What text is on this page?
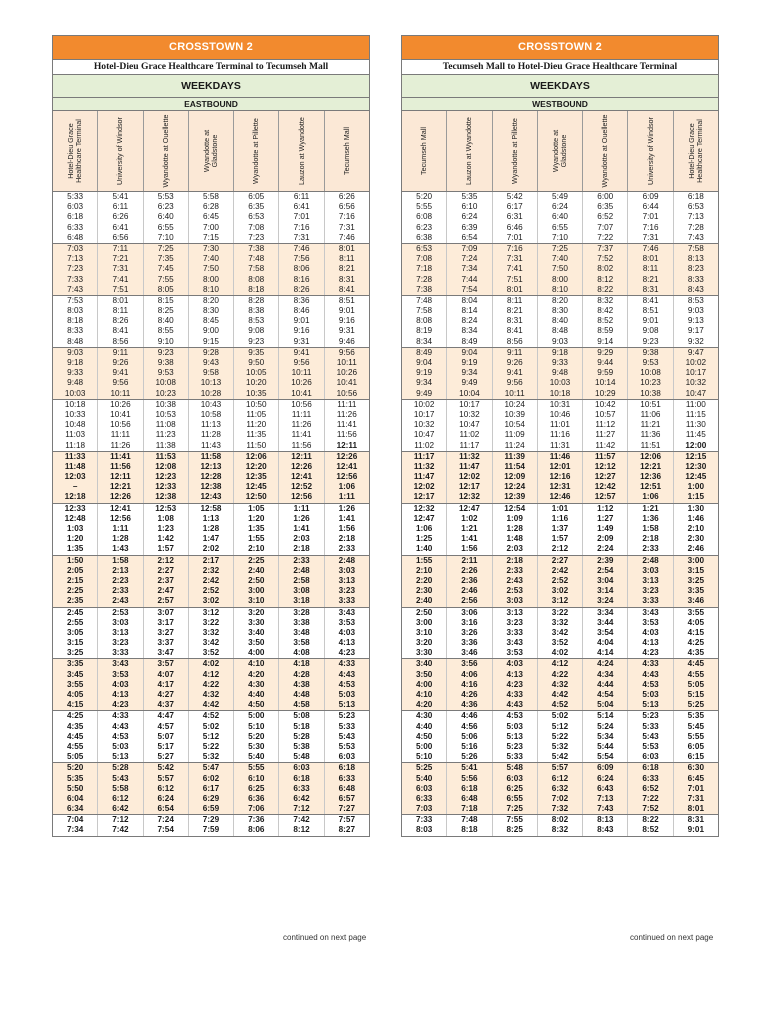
CROSSTOWN 2
Hotel-Dieu Grace Healthcare Terminal to Tecumseh Mall
WEEKDAYS
EASTBOUND
Hotel-Dieu Grace Healthcare Terminal	University of Windsor	Wyandotte at Ouellette	Wyandotte at Gladstone	Wyandotte at Pillette	Lauzon at Wyandotte	Tecumseh Mall
5:33	5:41	5:53	5:58	6:05	6:11	6:26
6:03	6:11	6:23	6:28	6:35	6:41	6:56
6:18	6:26	6:40	6:45	6:53	7:01	7:16
6:33	6:41	6:55	7:00	7:08	7:16	7:31
6:48	6:56	7:10	7:15	7:23	7:31	7:46
7:03	7:11	7:25	7:30	7:38	7:46	8:01
7:13	7:21	7:35	7:40	7:48	7:56	8:11
7:23	7:31	7:45	7:50	7:58	8:06	8:21
7:33	7:41	7:55	8:00	8:08	8:16	8:31
7:43	7:51	8:05	8:10	8:18	8:26	8:41
7:53	8:01	8:15	8:20	8:28	8:36	8:51
8:03	8:11	8:25	8:30	8:38	8:46	9:01
8:18	8:26	8:40	8:45	8:53	9:01	9:16
8:33	8:41	8:55	9:00	9:08	9:16	9:31
8:48	8:56	9:10	9:15	9:23	9:31	9:46
9:03	9:11	9:23	9:28	9:35	9:41	9:56
9:18	9:26	9:38	9:43	9:50	9:56	10:11
9:33	9:41	9:53	9:58	10:05	10:11	10:26
9:48	9:56	10:08	10:13	10:20	10:26	10:41
10:03	10:11	10:23	10:28	10:35	10:41	10:56
10:18	10:26	10:38	10:43	10:50	10:56	11:11
10:33	10:41	10:53	10:58	11:05	11:11	11:26
10:48	10:56	11:08	11:13	11:20	11:26	11:41
11:03	11:11	11:23	11:28	11:35	11:41	11:56
11:18	11:26	11:38	11:43	11:50	11:56	12:11
11:33	11:41	11:53	11:58	12:06	12:11	12:26
11:48	11:56	12:08	12:13	12:20	12:26	12:41
12:03	12:11	12:23	12:28	12:35	12:41	12:56
–	12:21	12:33	12:38	12:45	12:52	1:06
12:18	12:26	12:38	12:43	12:50	12:56	1:11
12:33	12:41	12:53	12:58	1:05	1:11	1:26
12:48	12:56	1:08	1:13	1:20	1:26	1:41
1:03	1:11	1:23	1:28	1:35	1:41	1:56
1:20	1:28	1:42	1:47	1:55	2:03	2:18
1:35	1:43	1:57	2:02	2:10	2:18	2:33
1:50	1:58	2:12	2:17	2:25	2:33	2:48
2:05	2:13	2:27	2:32	2:40	2:48	3:03
2:15	2:23	2:37	2:42	2:50	2:58	3:13
2:25	2:33	2:47	2:52	3:00	3:08	3:23
2:35	2:43	2:57	3:02	3:10	3:18	3:33
2:45	2:53	3:07	3:12	3:20	3:28	3:43
2:55	3:03	3:17	3:22	3:30	3:38	3:53
3:05	3:13	3:27	3:32	3:40	3:48	4:03
3:15	3:23	3:37	3:42	3:50	3:58	4:13
3:25	3:33	3:47	3:52	4:00	4:08	4:23
3:35	3:43	3:57	4:02	4:10	4:18	4:33
3:45	3:53	4:07	4:12	4:20	4:28	4:43
3:55	4:03	4:17	4:22	4:30	4:38	4:53
4:05	4:13	4:27	4:32	4:40	4:48	5:03
4:15	4:23	4:37	4:42	4:50	4:58	5:13
4:25	4:33	4:47	4:52	5:00	5:08	5:23
4:35	4:43	4:57	5:02	5:10	5:18	5:33
4:45	4:53	5:07	5:12	5:20	5:28	5:43
4:55	5:03	5:17	5:22	5:30	5:38	5:53
5:05	5:13	5:27	5:32	5:40	5:48	6:03
5:20	5:28	5:42	5:47	5:55	6:03	6:18
5:35	5:43	5:57	6:02	6:10	6:18	6:33
5:50	5:58	6:12	6:17	6:25	6:33	6:48
6:04	6:12	6:24	6:29	6:36	6:42	6:57
6:34	6:42	6:54	6:59	7:06	7:12	7:27
7:04	7:12	7:24	7:29	7:36	7:42	7:57
7:34	7:42	7:54	7:59	8:06	8:12	8:27
CROSSTOWN 2
Tecumseh Mall to Hotel-Dieu Grace Healthcare Terminal
WEEKDAYS
WESTBOUND
Tecumseh Mall	Lauzon at Wyandotte	Wyandotte at Pillette	Wyandotte at Gladstone	Wyandotte at Ouellette	University of Windsor	Hotel-Dieu Grace Healthcare Terminal
5:20	5:35	5:42	5:49	6:00	6:09	6:18
5:55	6:10	6:17	6:24	6:35	6:44	6:53
6:08	6:24	6:31	6:40	6:52	7:01	7:13
6:23	6:39	6:46	6:55	7:07	7:16	7:28
6:38	6:54	7:01	7:10	7:22	7:31	7:43
6:53	7:09	7:16	7:25	7:37	7:46	7:58
7:08	7:24	7:31	7:40	7:52	8:01	8:13
7:18	7:34	7:41	7:50	8:02	8:11	8:23
7:28	7:44	7:51	8:00	8:12	8:21	8:33
7:38	7:54	8:01	8:10	8:22	8:31	8:43
7:48	8:04	8:11	8:20	8:32	8:41	8:53
7:58	8:14	8:21	8:30	8:42	8:51	9:03
8:08	8:24	8:31	8:40	8:52	9:01	9:13
8:19	8:34	8:41	8:48	8:59	9:08	9:17
8:34	8:49	8:56	9:03	9:14	9:23	9:32
8:49	9:04	9:11	9:18	9:29	9:38	9:47
9:04	9:19	9:26	9:33	9:44	9:53	10:02
9:19	9:34	9:41	9:48	9:59	10:08	10:17
9:34	9:49	9:56	10:03	10:14	10:23	10:32
9:49	10:04	10:11	10:18	10:29	10:38	10:47
10:02	10:17	10:24	10:31	10:42	10:51	11:00
10:17	10:32	10:39	10:46	10:57	11:06	11:15
10:32	10:47	10:54	11:01	11:12	11:21	11:30
10:47	11:02	11:09	11:16	11:27	11:36	11:45
11:02	11:17	11:24	11:31	11:42	11:51	12:00
11:17	11:32	11:39	11:46	11:57	12:06	12:15
11:32	11:47	11:54	12:01	12:12	12:21	12:30
11:47	12:02	12:09	12:16	12:27	12:36	12:45
12:02	12:17	12:24	12:31	12:42	12:51	1:00
12:17	12:32	12:39	12:46	12:57	1:06	1:15
12:32	12:47	12:54	1:01	1:12	1:21	1:30
12:47	1:02	1:09	1:16	1:27	1:36	1:46
1:06	1:21	1:28	1:37	1:49	1:58	2:10
1:25	1:41	1:48	1:57	2:09	2:18	2:30
1:40	1:56	2:03	2:12	2:24	2:33	2:46
1:55	2:11	2:18	2:27	2:39	2:48	3:00
2:10	2:26	2:33	2:42	2:54	3:03	3:15
2:20	2:36	2:43	2:52	3:04	3:13	3:25
2:30	2:46	2:53	3:02	3:14	3:23	3:35
2:40	2:56	3:03	3:12	3:24	3:33	3:46
2:50	3:06	3:13	3:22	3:34	3:43	3:55
3:00	3:16	3:23	3:32	3:44	3:53	4:05
3:10	3:26	3:33	3:42	3:54	4:03	4:15
3:20	3:36	3:43	3:52	4:04	4:13	4:25
3:30	3:46	3:53	4:02	4:14	4:23	4:35
3:40	3:56	4:03	4:12	4:24	4:33	4:45
3:50	4:06	4:13	4:22	4:34	4:43	4:55
4:00	4:16	4:23	4:32	4:44	4:53	5:05
4:10	4:26	4:33	4:42	4:54	5:03	5:15
4:20	4:36	4:43	4:52	5:04	5:13	5:25
4:30	4:46	4:53	5:02	5:14	5:23	5:35
4:40	4:56	5:03	5:12	5:24	5:33	5:45
4:50	5:06	5:13	5:22	5:34	5:43	5:55
5:00	5:16	5:23	5:32	5:44	5:53	6:05
5:10	5:26	5:33	5:42	5:54	6:03	6:15
5:25	5:41	5:48	5:57	6:09	6:18	6:30
5:40	5:56	6:03	6:12	6:24	6:33	6:45
6:03	6:18	6:25	6:32	6:43	6:52	7:01
6:33	6:48	6:55	7:02	7:13	7:22	7:31
7:03	7:18	7:25	7:32	7:43	7:52	8:01
7:33	7:48	7:55	8:02	8:13	8:22	8:31
8:03	8:18	8:25	8:32	8:43	8:52	9:01
continued on next page	continued on next page
